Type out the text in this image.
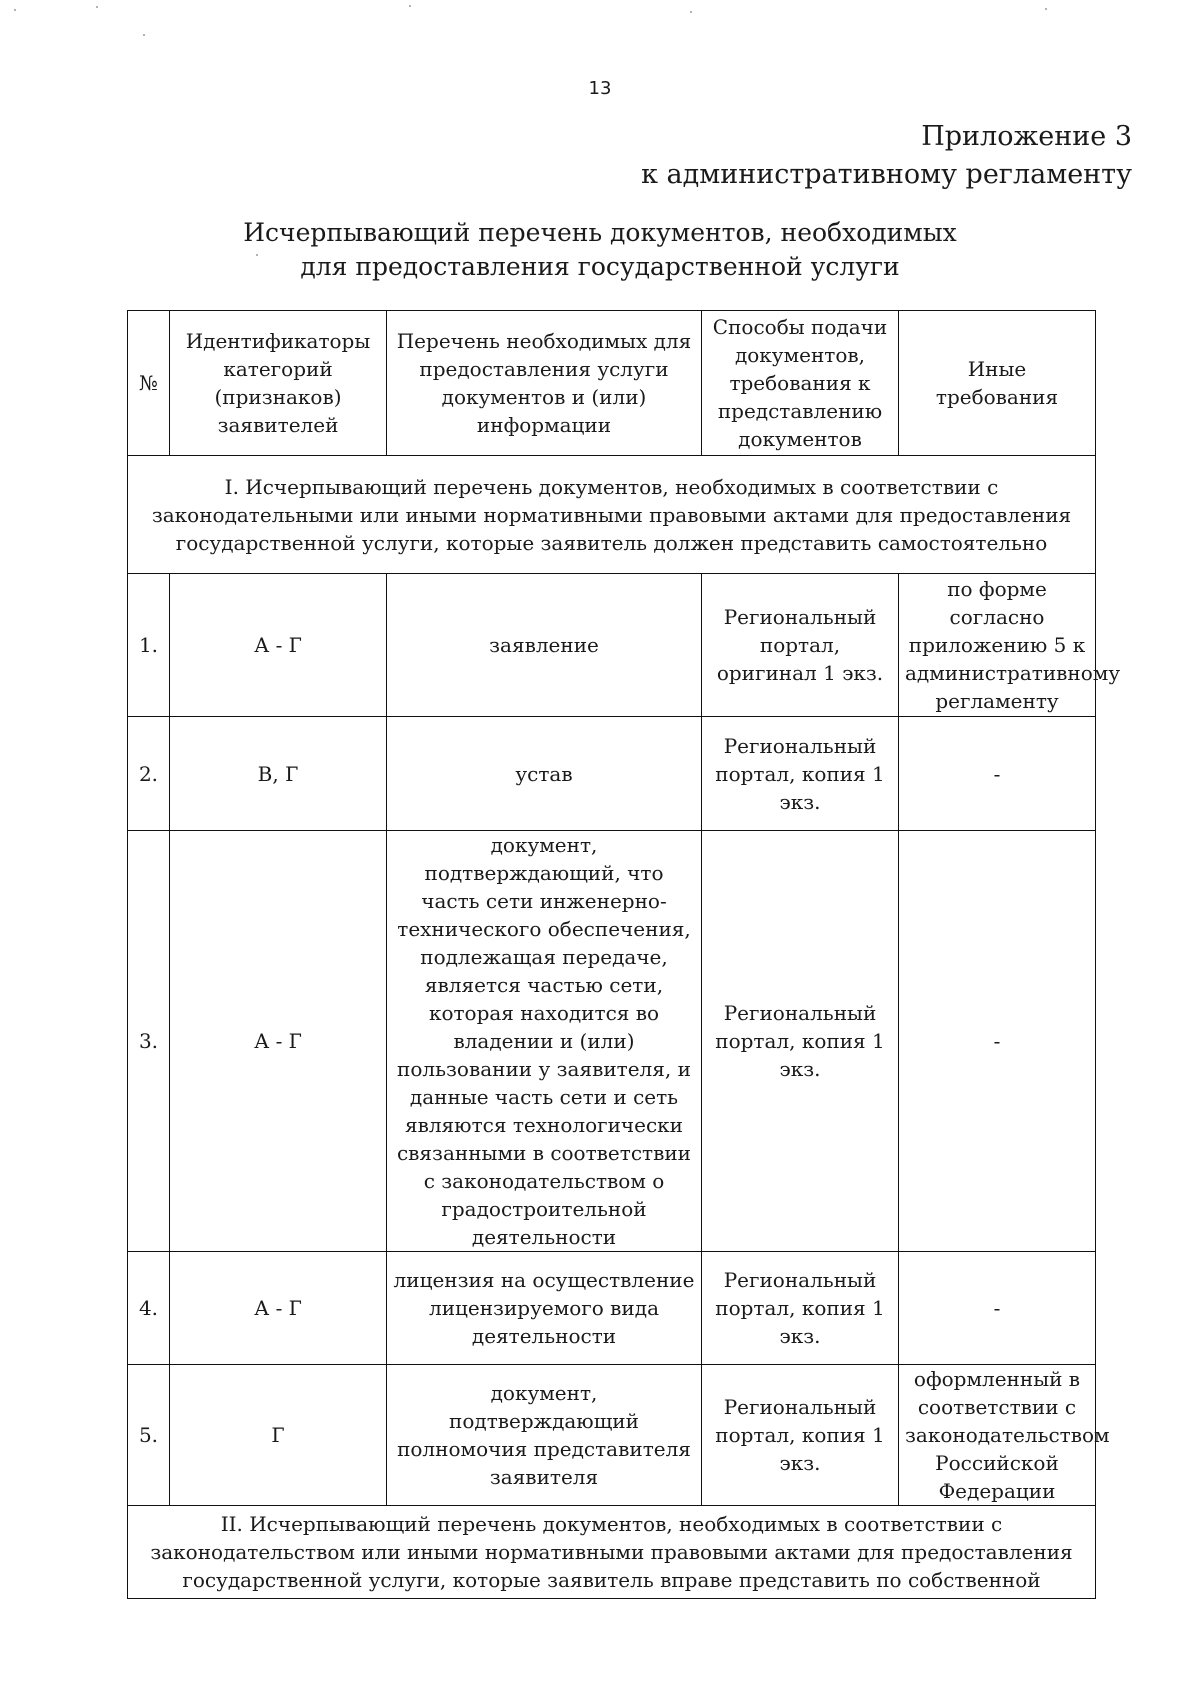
13
Приложение 3
к административному регламенту
Исчерпывающий перечень документов, необходимых
для предоставления государственной услуги
№	Идентификаторы категорий (признаков) заявителей	Перечень необходимых для предоставления услуги документов и (или) информации	Способы подачи документов, требования к представлению документов	Иные требования
I. Исчерпывающий перечень документов, необходимых в соответствии с законодательными или иными нормативными правовыми актами для предоставления государственной услуги, которые заявитель должен представить самостоятельно				
1.	А - Г	заявление	Региональный портал, оригинал 1 экз.	по форме согласно приложению 5 к административному регламенту
2.	В, Г	устав	Региональный портал, копия 1 экз.	-
3.	А - Г	документ, подтверждающий, что часть сети инженерно-технического обеспечения, подлежащая передаче, является частью сети, которая находится во владении и (или) пользовании у заявителя, и данные часть сети и сеть являются технологически связанными в соответствии с законодательством о градостроительной деятельности	Региональный портал, копия 1 экз.	-
4.	А - Г	лицензия на осуществление лицензируемого вида деятельности	Региональный портал, копия 1 экз.	-
5.	Г	документ, подтверждающий полномочия представителя заявителя	Региональный портал, копия 1 экз.	оформленный в соответствии с законодательством Российской Федерации
II. Исчерпывающий перечень документов, необходимых в соответствии с законодательством или иными нормативными правовыми актами для предоставления государственной услуги, которые заявитель вправе представить по собственной				
